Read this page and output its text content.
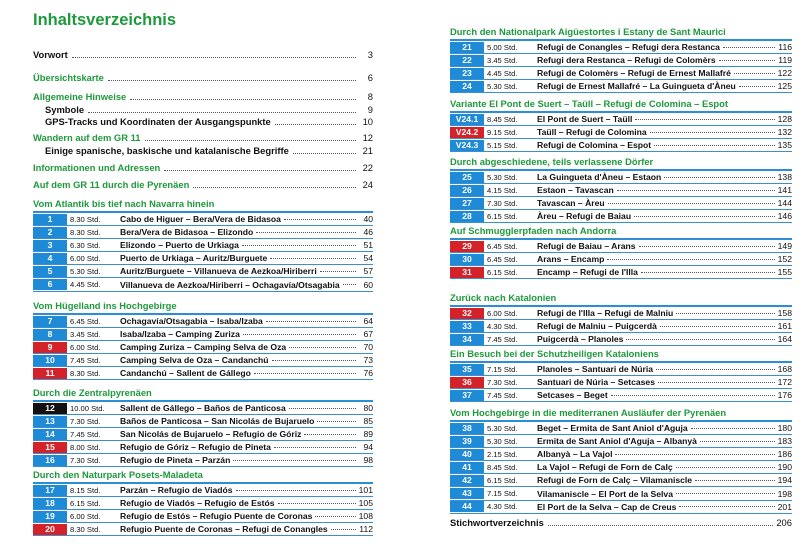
Inhaltsverzeichnis
Vorwort	3
Übersichtskarte	6
Allgemeine Hinweise	8
Symbole	9
GPS-Tracks und Koordinaten der Ausgangspunkte	10
Wandern auf dem GR 11	12
Einige spanische, baskische und katalanische Begriffe	21
Informationen und Adressen	22
Auf dem GR 11 durch die Pyrenäen	24
Vom Atlantik bis tief nach Navarra hinein
1	8.30 Std.	Cabo de Higuer – Bera/Vera de Bidasoa	40
2	8.30 Std.	Bera/Vera de Bidasoa – Elizondo	46
3	6.30 Std.	Elizondo – Puerto de Urkiaga	51
4	6.00 Std.	Puerto de Urkiaga – Auritz/Burguete	54
5	5.30 Std.	Auritz/Burguete – Villanueva de Aezkoa/Hiriberri	57
6	4.45 Std.	Villanueva de Aezkoa/Hiriberri – Ochagavía/Otsagabia	60
Vom Hügelland ins Hochgebirge
7	6.45 Std.	Ochagavía/Otsagabia – Isaba/Izaba	64
8	3.45 Std.	Isaba/Izaba – Camping Zuriza	67
9	6.00 Std.	Camping Zuriza – Camping Selva de Oza	70
10	7.45 Std.	Camping Selva de Oza – Candanchú	73
11	8.30 Std.	Candanchú – Sallent de Gállego	76
Durch die Zentralpyrenäen
12	10.00 Std.	Sallent de Gállego – Baños de Panticosa	80
13	7.30 Std.	Baños de Panticosa – San Nicolás de Bujaruelo	85
14	7.45 Std.	San Nicolás de Bujaruelo – Refugio de Góriz	89
15	8.00 Std.	Refugio de Góriz – Refugio de Pineta	94
16	7.30 Std.	Refugio de Pineta – Parzán	98
Durch den Naturpark Posets-Maladeta
17	8.15 Std.	Parzán – Refugio de Viadós	101
18	6.15 Std.	Refugio de Viadós – Refugio de Estós	105
19	6.00 Std.	Refugio de Estós – Refugio Puente de Coronas	108
20	8.30 Std.	Refugio Puente de Coronas – Refugi de Conangles	112
Durch den Nationalpark Aigüestortes i Estany de Sant Maurici
21	5.00 Std.	Refugi de Conangles – Refugi dera Restanca	116
22	3.45 Std.	Refugi dera Restanca – Refugi de Colomèrs	119
23	4.45 Std.	Refugi de Colomèrs – Refugi de Ernest Mallafré	122
24	5.30 Std.	Refugi de Ernest Mallafré – La Guingueta d'Àneu	125
Variante El Pont de Suert – Taüll – Refugi de Colomina – Espot
V24.1	8.45 Std.	El Pont de Suert – Taüll	128
V24.2	9.15 Std.	Taüll – Refugi de Colomina	132
V24.3	5.15 Std.	Refugi de Colomina – Espot	135
Durch abgeschiedene, teils verlassene Dörfer
25	5.30 Std.	La Guingueta d'Àneu – Estaon	138
26	4.15 Std.	Estaon – Tavascan	141
27	7.30 Std.	Tavascan – Àreu	144
28	6.15 Std.	Àreu – Refugi de Baiau	146
Auf Schmugglerpfaden nach Andorra
29	6.45 Std.	Refugi de Baiau – Arans	149
30	6.45 Std.	Arans – Encamp	152
31	6.15 Std.	Encamp – Refugi de l'Illa	155
Zurück nach Katalonien
32	6.00 Std.	Refugi de l'Illa – Refugi de Malniu	158
33	4.30 Std.	Refugi de Malniu – Puigcerdà	161
34	7.45 Std.	Puigcerdà – Planoles	164
Ein Besuch bei der Schutzheiligen Kataloniens
35	7.15 Std.	Planoles – Santuari de Núria	168
36	7.30 Std.	Santuari de Núria – Setcases	172
37	7.45 Std.	Setcases – Beget	176
Vom Hochgebirge in die mediterranen Ausläufer der Pyrenäen
38	5.30 Std.	Beget – Ermita de Sant Aniol d'Aguja	180
39	5.30 Std.	Ermita de Sant Aniol d'Aguja – Albanyà	183
40	2.15 Std.	Albanyà – La Vajol	186
41	8.45 Std.	La Vajol – Refugi de Forn de Calç	190
42	6.15 Std.	Refugi de Forn de Calç – Vilamaniscle	194
43	7.15 Std.	Vilamaniscle – El Port de la Selva	198
44	4.30 Std.	El Port de la Selva – Cap de Creus	201
Stichwortverzeichnis	206
